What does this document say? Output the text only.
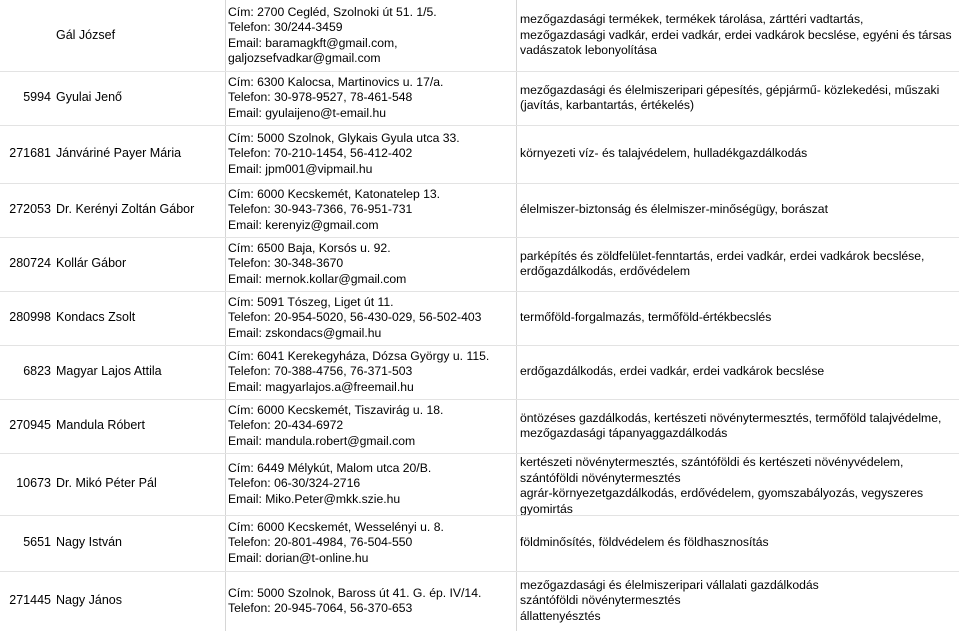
Gál József
Cím: 2700 Cegléd, Szolnoki út 51. 1/5.
Telefon: 30/244-3459
Email: baramagkft@gmail.com,
galjozsefvadkar@gmail.com
mezőgazdasági termékek, termékek tárolása, zárttéri vadtartás,
mezőgazdasági vadkár, erdei vadkár, erdei vadkárok becslése, egyéni és társas
vadászatok lebonyolítása
5994 Gyulai Jenő
Cím: 6300 Kalocsa, Martinovics u. 17/a.
Telefon: 30-978-9527, 78-461-548
Email: gyulaijeno@t-email.hu
mezőgazdasági és élelmiszeripari gépesítés, gépjármű- közlekedési, műszaki
(javítás, karbantartás, értékelés)
271681 Jánváriné Payer Mária
Cím: 5000 Szolnok, Glykais Gyula utca 33.
Telefon: 70-210-1454, 56-412-402
Email: jpm001@vipmail.hu
környezeti víz- és talajvédelem, hulladékgazdálkodás
272053 Dr. Kerényi Zoltán Gábor
Cím: 6000 Kecskemét, Katonatelep 13.
Telefon: 30-943-7366, 76-951-731
Email: kerenyiz@gmail.com
élelmiszer-biztonság és élelmiszer-minőségügy, borászat
280724 Kollár Gábor
Cím: 6500 Baja, Korsós u. 92.
Telefon: 30-348-3670
Email: mernok.kollar@gmail.com
parképítés és zöldfelület-fenntartás, erdei vadkár, erdei vadkárok becslése,
erdőgazdálkodás, erdővédelem
280998 Kondacs Zsolt
Cím: 5091 Tószeg, Liget út 11.
Telefon: 20-954-5020, 56-430-029, 56-502-403
Email: zskondacs@gmail.hu
termőföld-forgalmazás, termőföld-értékbecslés
6823 Magyar Lajos Attila
Cím: 6041 Kerekegyháza, Dózsa György u. 115.
Telefon: 70-388-4756, 76-371-503
Email: magyarlajos.a@freemail.hu
erdőgazdálkodás, erdei vadkár, erdei vadkárok becslése
270945 Mandula Róbert
Cím: 6000 Kecskemét, Tiszavirág u. 18.
Telefon: 20-434-6972
Email: mandula.robert@gmail.com
öntözéses gazdálkodás, kertészeti növénytermesztés, termőföld talajvédelme,
mezőgazdasági tápanyaggazdálkodás
10673 Dr. Mikó Péter Pál
Cím: 6449 Mélykút, Malom utca 20/B.
Telefon: 06-30/324-2716
Email: Miko.Peter@mkk.szie.hu
kertészeti növénytermesztés, szántóföldi és kertészeti növényvédelem,
szántóföldi növénytermesztés
agrár-környezetgazdálkodás, erdővédelem, gyomszabályozás, vegyszeres
gyomirtás
5651 Nagy István
Cím: 6000 Kecskemét, Wesselényi u. 8.
Telefon: 20-801-4984, 76-504-550
Email: dorian@t-online.hu
földminősítés, földvédelem és földhasznosítás
271445 Nagy János
Cím: 5000 Szolnok, Baross út 41. G. ép. IV/14.
Telefon: 20-945-7064, 56-370-653
mezőgazdasági és élelmiszeripari vállalati gazdálkodás
szántóföldi növénytermesztés
állattenyésztés
